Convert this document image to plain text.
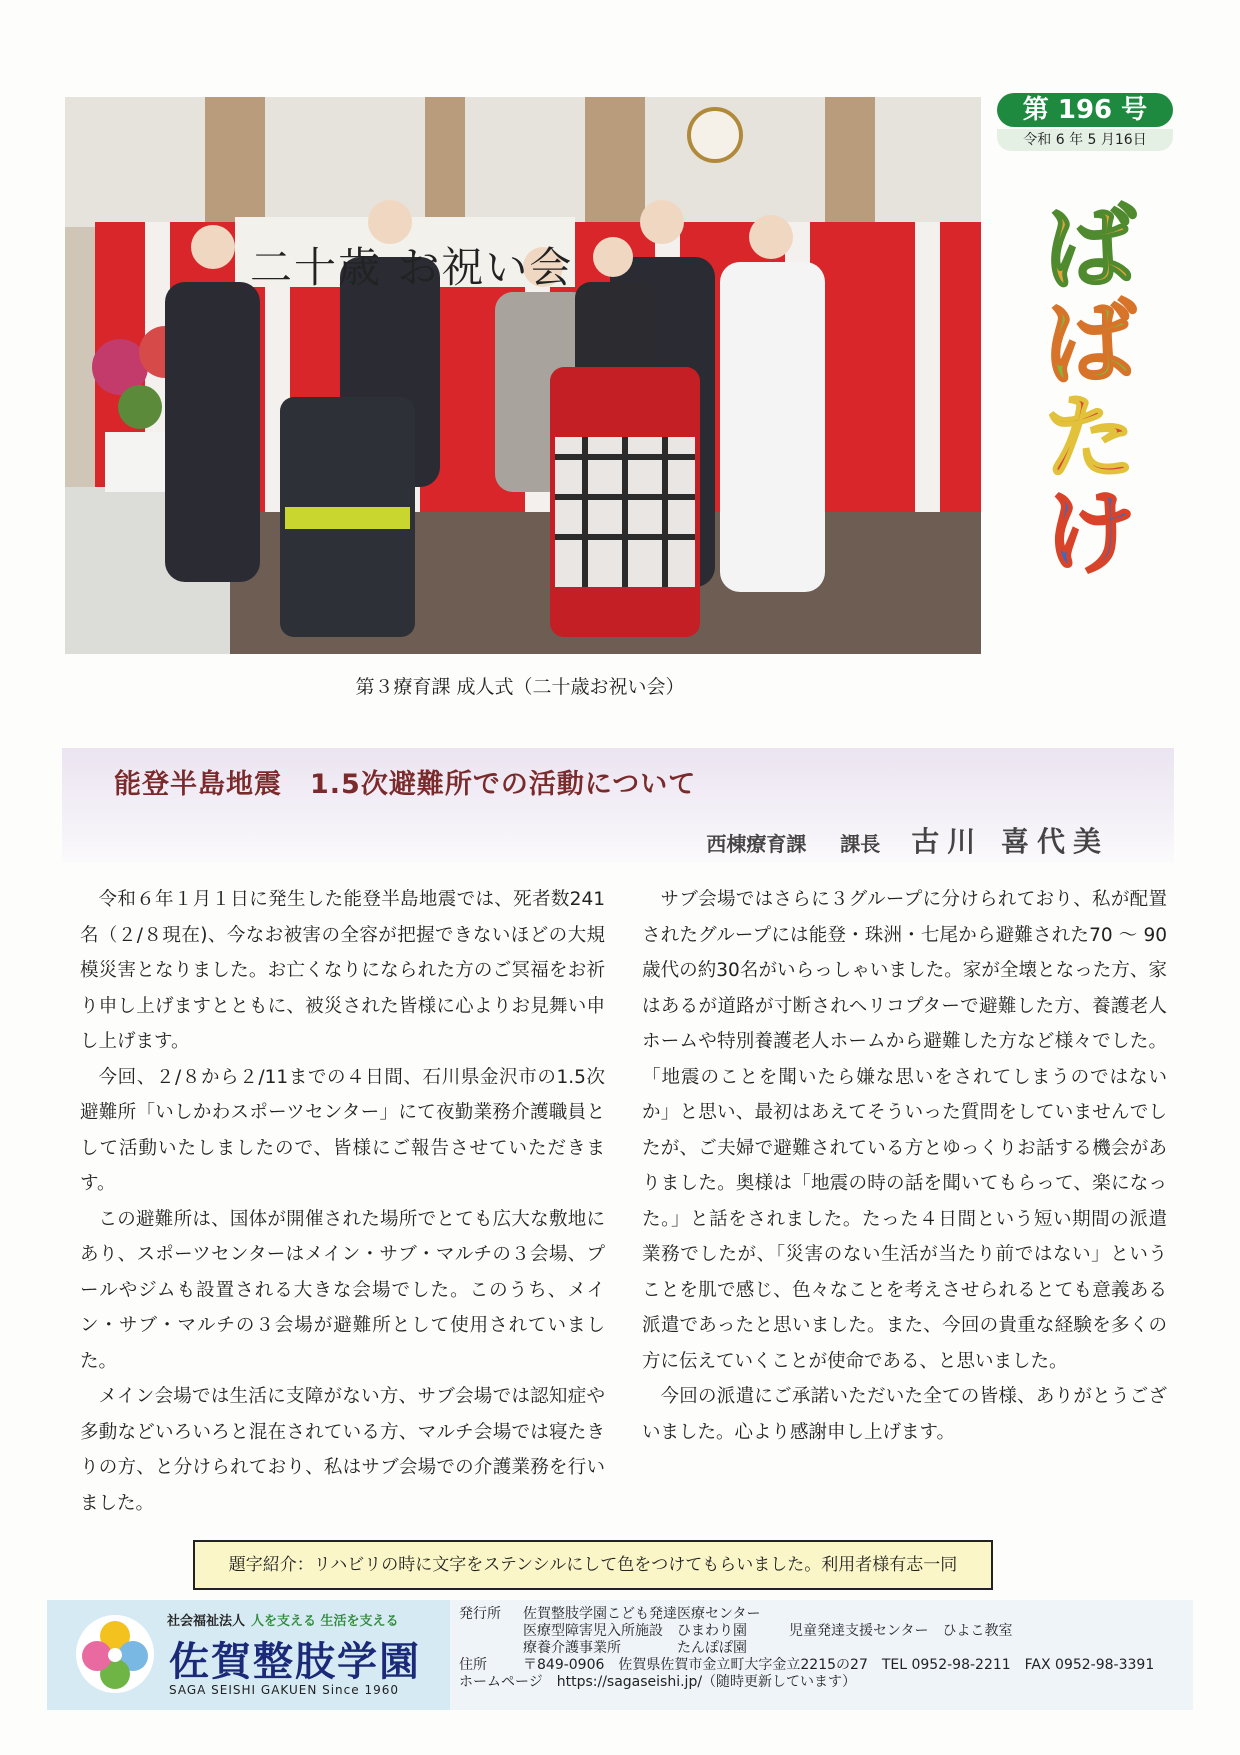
二十歳 お祝い会
第３療育課 成人式（二十歳お祝い会）
第 196 号
令和 6 年 5 月16日
ば
ば
た
け
能登半島地震　1.5次避難所での活動について
西棟療育課 　 課長 古川 喜代美

令和６年１月１日に発生した能登半島地震では、死者数241名（２/８現在)、今なお被害の全容が把握できないほどの大規模災害となりました。お亡くなりになられた方のご冥福をお祈り申し上げますとともに、被災された皆様に心よりお見舞い申し上げます。

今回、２/８から２/11までの４日間、石川県金沢市の1.5次避難所「いしかわスポーツセンター」にて夜勤業務介護職員として活動いたしましたので、皆様にご報告させていただきます。

この避難所は、国体が開催された場所でとても広大な敷地にあり、スポーツセンターはメイン・サブ・マルチの３会場、プールやジムも設置される大きな会場でした。このうち、メイン・サブ・マルチの３会場が避難所として使用されていました。

メイン会場では生活に支障がない方、サブ会場では認知症や多動などいろいろと混在されている方、マルチ会場では寝たきりの方、と分けられており、私はサブ会場での介護業務を行いました。

サブ会場ではさらに３グループに分けられており、私が配置されたグループには能登・珠洲・七尾から避難された70 ～ 90歳代の約30名がいらっしゃいました。家が全壊となった方、家はあるが道路が寸断されヘリコプターで避難した方、養護老人ホームや特別養護老人ホームから避難した方など様々でした。「地震のことを聞いたら嫌な思いをされてしまうのではないか」と思い、最初はあえてそういった質問をしていませんでしたが、ご夫婦で避難されている方とゆっくりお話する機会がありました。奥様は「地震の時の話を聞いてもらって、楽になった。」と話をされました。たった４日間という短い期間の派遣業務でしたが、「災害のない生活が当たり前ではない」ということを肌で感じ、色々なことを考えさせられるとても意義ある派遣であったと思いました。また、今回の貴重な経験を多くの方に伝えていくことが使命である、と思いました。

今回の派遣にご承諾いただいた全ての皆様、ありがとうございました。心より感謝申し上げます。

題字紹介：リハビリの時に文字をステンシルにして色をつけてもらいました。利用者様有志一同
社会福祉法人 人を支える 生活を支える
佐賀整肢学園
SAGA SEISHI GAKUEN Since 1960
発行所 佐賀整肢学園こども発達医療センター
医療型障害児入所施設　ひまわり園　　　	児童発達支援センター　ひよこ教室
療養介護事業所　　　　たんぽぽ園
住所	〒849-0906　佐賀県佐賀市金立町大字金立2215の27　TEL 0952-98-2211　FAX 0952-98-3391
ホームページ　 https://sagaseishi.jp/（随時更新しています）
